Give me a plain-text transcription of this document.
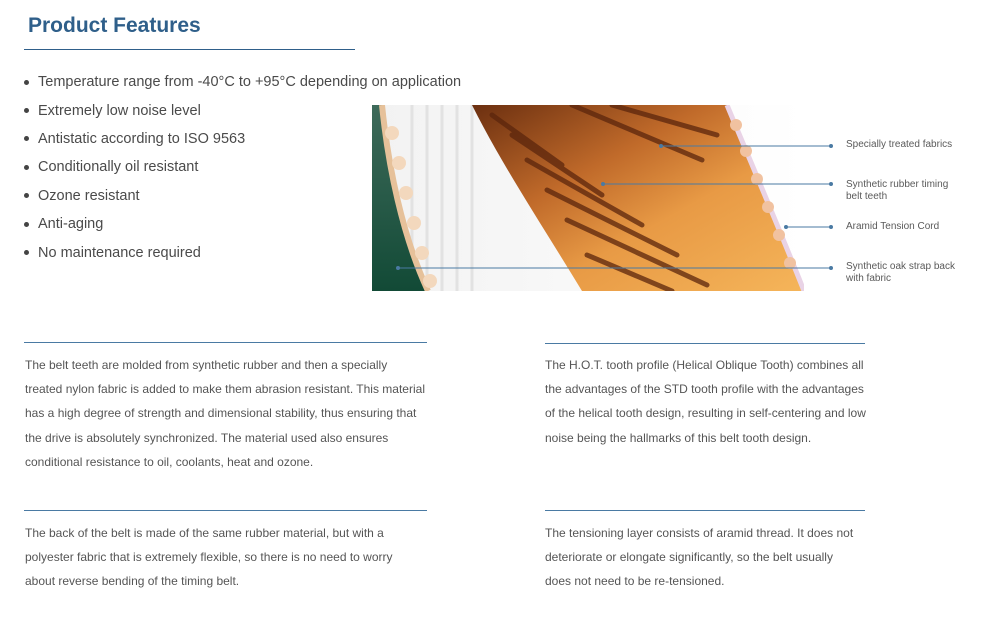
Product Features
Temperature range from -40°C to +95°C depending on application
Extremely low noise level
Antistatic according to ISO 9563
Conditionally oil resistant
Ozone resistant
Anti-aging
No maintenance required
Specially treated fabrics
Synthetic rubber timing belt teeth
Aramid Tension Cord
Synthetic oak strap back with fabric

The belt teeth are molded from synthetic rubber and then a specially treated nylon fabric is added to make them abrasion resistant. This material has a high degree of strength and dimensional stability, thus ensuring that the drive is absolutely synchronized. The material used also ensures conditional resistance to oil, coolants, heat and ozone.

The H.O.T. tooth profile (Helical Oblique Tooth) combines all the advantages of the STD tooth profile with the advantages of the helical tooth design, resulting in self-centering and low noise being the hallmarks of this belt tooth design.

The back of the belt is made of the same rubber material, but with a polyester fabric that is extremely flexible, so there is no need to worry about reverse bending of the timing belt.

The tensioning layer consists of aramid thread. It does not deteriorate or elongate significantly, so the belt usually does not need to be re-tensioned.
